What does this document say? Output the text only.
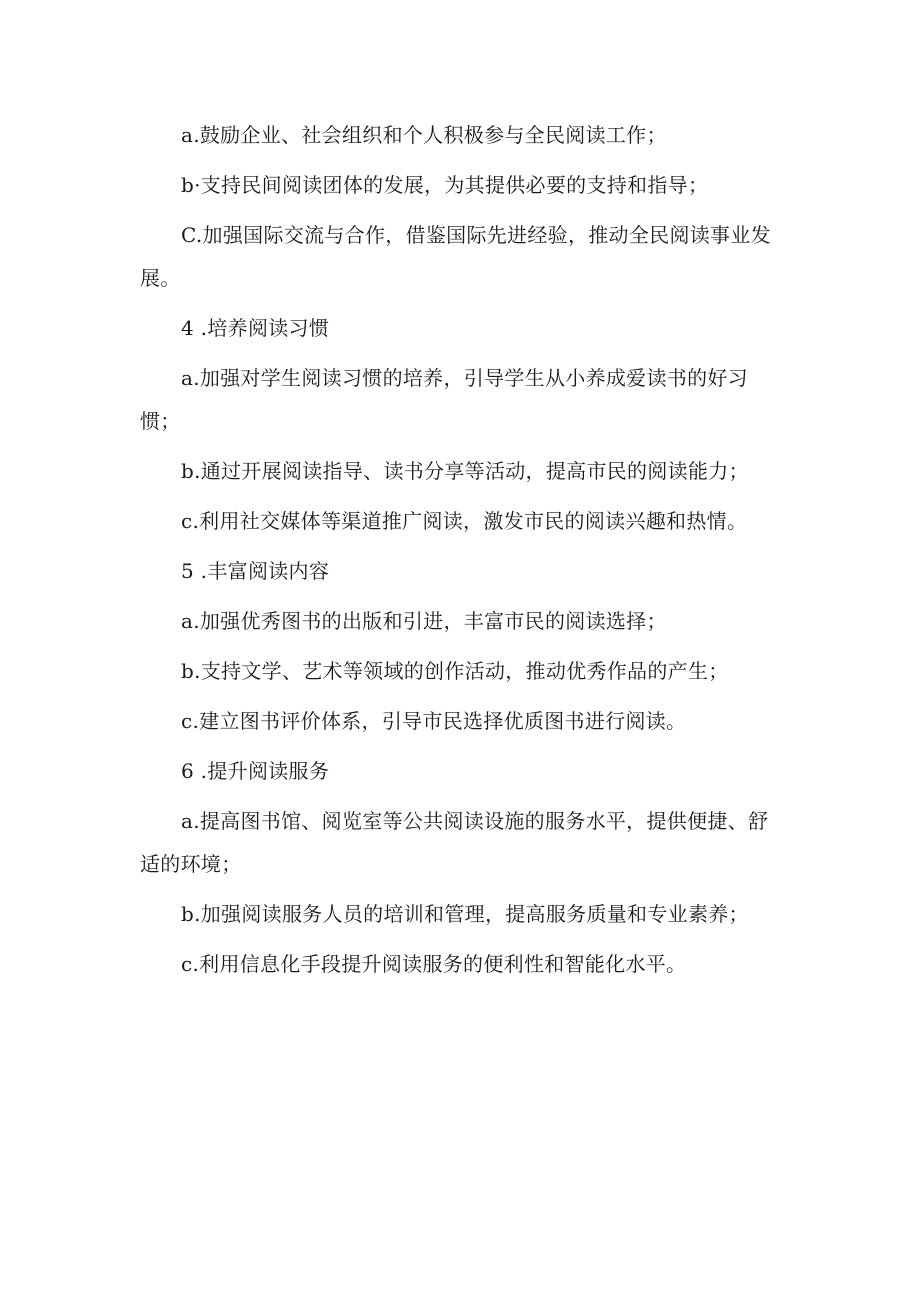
a.鼓励企业、社会组织和个人积极参与全民阅读工作；

b·支持民间阅读团体的发展，为其提供必要的支持和指导；

C.加强国际交流与合作，借鉴国际先进经验，推动全民阅读事业发展。

4 .培养阅读习惯

a.加强对学生阅读习惯的培养，引导学生从小养成爱读书的好习惯；

b.通过开展阅读指导、读书分享等活动，提高市民的阅读能力；

c.利用社交媒体等渠道推广阅读，激发市民的阅读兴趣和热情。

5 .丰富阅读内容

a.加强优秀图书的出版和引进，丰富市民的阅读选择；

b.支持文学、艺术等领域的创作活动，推动优秀作品的产生；

c.建立图书评价体系，引导市民选择优质图书进行阅读。

6 .提升阅读服务

a.提高图书馆、阅览室等公共阅读设施的服务水平，提供便捷、舒适的环境；

b.加强阅读服务人员的培训和管理，提高服务质量和专业素养；

c.利用信息化手段提升阅读服务的便利性和智能化水平。
